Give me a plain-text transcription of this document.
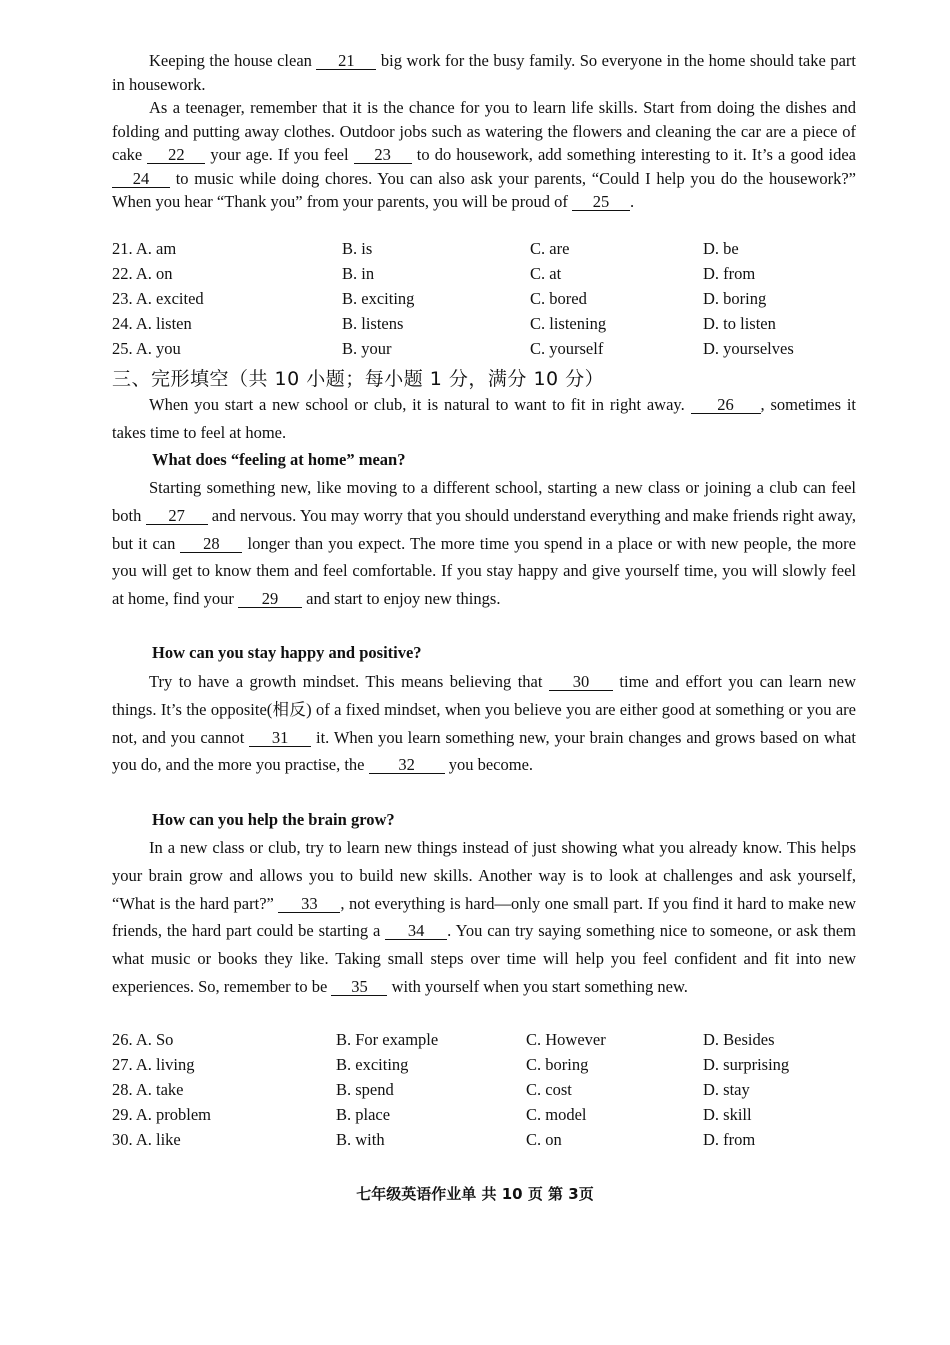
Keeping the house clean 21 big work for the busy family. So everyone in the home should take part in housework.

As a teenager, remember that it is the chance for you to learn life skills. Start from doing the dishes and folding and putting away clothes. Outdoor jobs such as watering the flowers and cleaning the car are a piece of cake 22 your age. If you feel 23 to do housework, add something interesting to it. It’s a good idea 24 to music while doing chores. You can also ask your parents, “Could I help you do the housework?” When you hear “Thank you” from your parents, you will be proud of 25 .

21. A. am	B. is	C. are	D. be
22. A. on	B. in	C. at	D. from
23. A. excited	B. exciting	C. bored	D. boring
24. A. listen	B. listens	C. listening	D. to listen
25. A. you	B. your	C. yourself	D. yourselves

三、完形填空（共 10 小题；每小题 1 分，满分 10 分）

When you start a new school or club, it is natural to want to fit in right away. 26 , sometimes it takes time to feel at home.

What does “feeling at home” mean?

Starting something new, like moving to a different school, starting a new class or joining a club can feel both 27 and nervous. You may worry that you should understand everything and make friends right away, but it can 28 longer than you expect. The more time you spend in a place or with new people, the more you will get to know them and feel comfortable. If you stay happy and give yourself time, you will slowly feel at home, find your 29 and start to enjoy new things.

How can you stay happy and positive?

Try to have a growth mindset. This means believing that 30 time and effort you can learn new things. It’s the opposite(相反) of a fixed mindset, when you believe you are either good at something or you are not, and you cannot 31 it. When you learn something new, your brain changes and grows based on what you do, and the more you practise, the 32 you become.

How can you help the brain grow?

In a new class or club, try to learn new things instead of just showing what you already know. This helps your brain grow and allows you to build new skills. Another way is to look at challenges and ask yourself, “What is the hard part?” 33 , not everything is hard—only one small part. If you find it hard to make new friends, the hard part could be starting a 34 . You can try saying something nice to someone, or ask them what music or books they like. Taking small steps over time will help you feel confident and fit into new experiences. So, remember to be 35 with yourself when you start something new.

26. A. So	B. For example	C. However	D. Besides
27. A. living	B. exciting	C. boring	D. surprising
28. A. take	B. spend	C. cost	D. stay
29. A. problem	B. place	C. model	D. skill
30. A. like	B. with	C. on	D. from
七年级英语作业单 共 10 页 第 3页
